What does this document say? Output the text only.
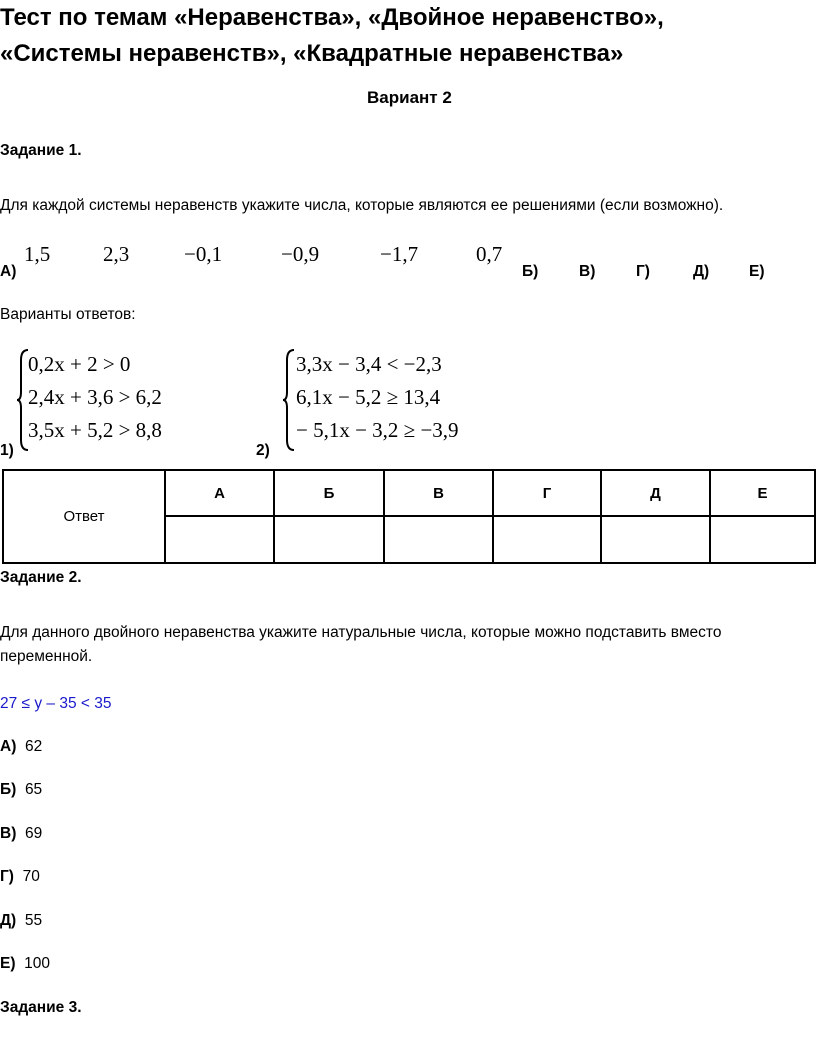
Тест по темам «Неравенства», «Двойное неравенство»,
«Системы неравенств», «Квадратные неравенства»
Вариант 2
Задание 1.
Для каждой системы неравенств укажите числа, которые являются ее решениями (если возможно).
А)
1,5	2,3	−0,1	−0,9	−1,7	0,7
Б)	В)	Г)	Д)	Е)
Варианты ответов:
0,2x + 2 > 0
2,4x + 3,6 > 6,2
3,5x + 5,2 > 8,8
1)
3,3x − 3,4 < −2,3
6,1x − 5,2 ≥ 13,4
− 5,1x − 3,2 ≥ −3,9
2)
Ответ	А	Б	В	Г	Д	Е

Задание 2.
Для данного двойного неравенства укажите натуральные числа, которые можно подставить вместо
переменной.
27 ≤ y – 35 < 35
А) 62
Б) 65
В) 69
Г) 70
Д) 55
Е) 100
Задание 3.
